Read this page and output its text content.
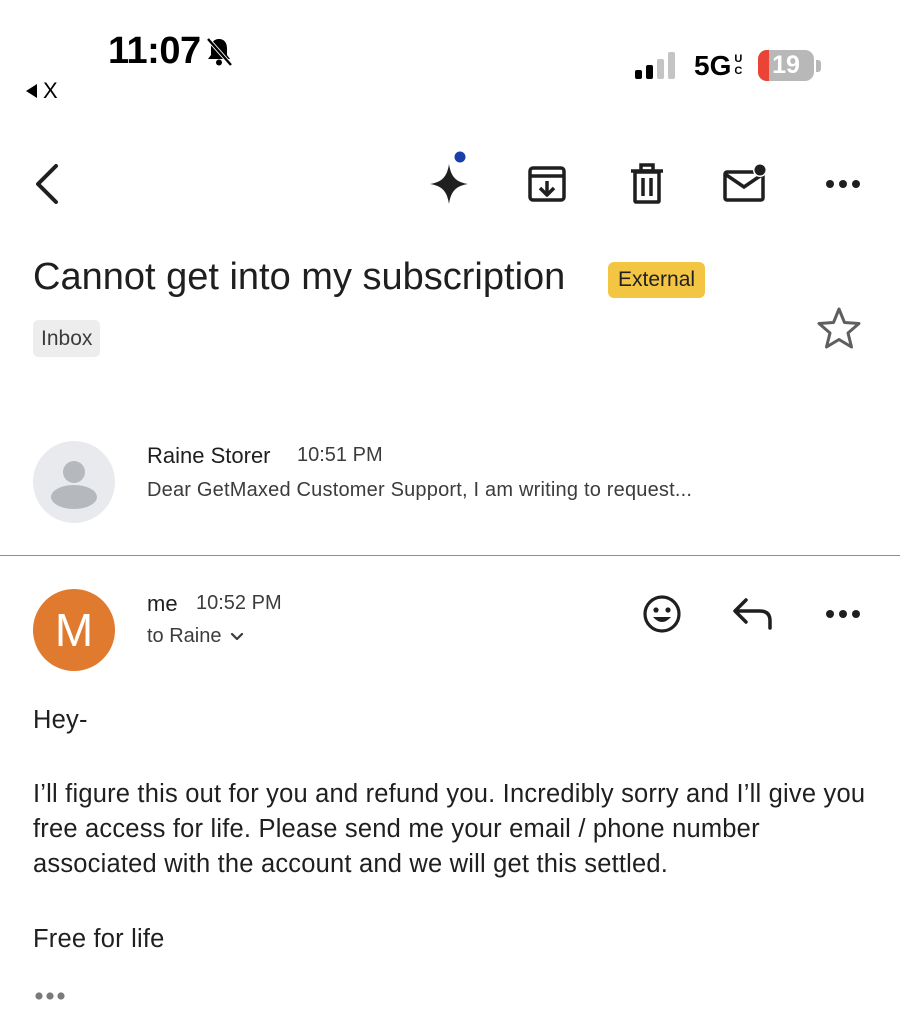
11:07
X
5GUC	19
Cannot get into my subscription	External
Inbox
Raine Storer 10:51 PM
Dear GetMaxed Customer Support, I am writing to request...
M
me 10:52 PM
to Raine
Hey-
I’ll figure this out for you and refund you. Incredibly sorry and I’ll give you free access for life. Please send me your email / phone number associated with the account and we will get this settled.
Free for life
